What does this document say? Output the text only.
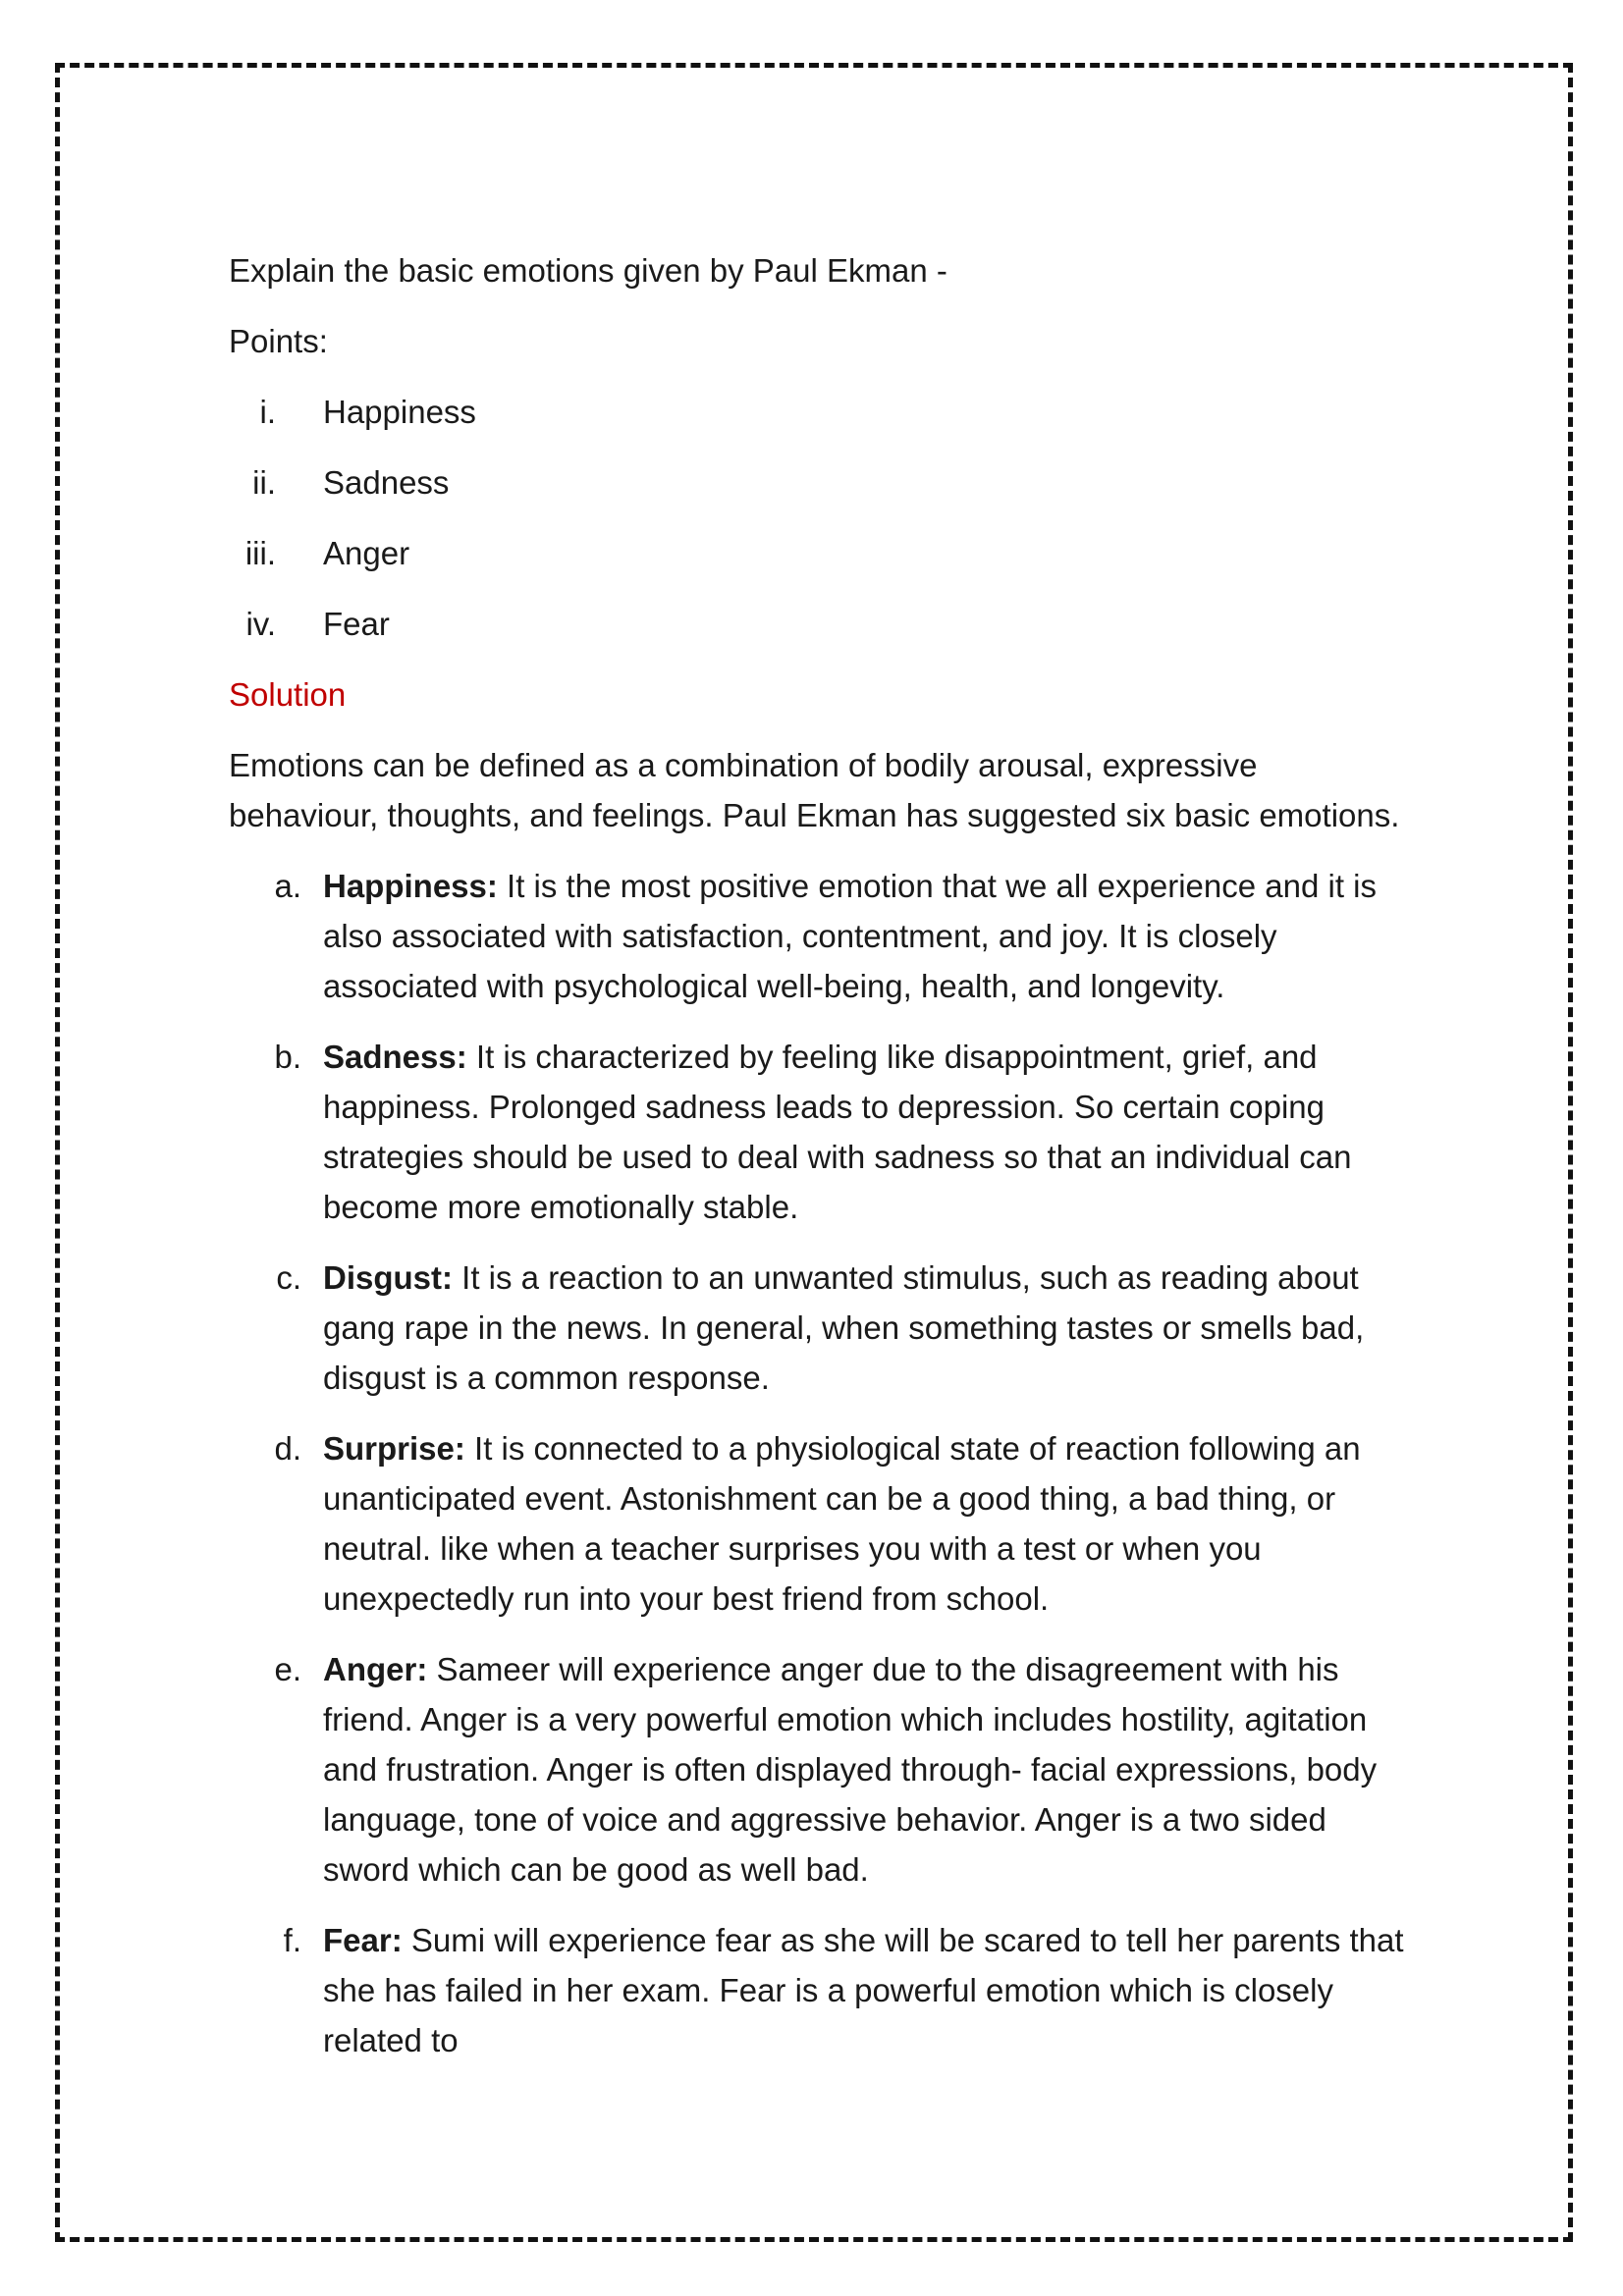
Explain the basic emotions given by Paul Ekman -

Points:

i. Happiness
ii. Sadness
iii. Anger
iv. Fear

Solution

Emotions can be defined as a combination of bodily arousal, expressive behaviour, thoughts, and feelings. Paul Ekman has suggested six basic emotions.

a. Happiness: It is the most positive emotion that we all experience and it is also associated with satisfaction, contentment, and joy. It is closely associated with psychological well-being, health, and longevity.
b. Sadness: It is characterized by feeling like disappointment, grief, and happiness. Prolonged sadness leads to depression. So certain coping strategies should be used to deal with sadness so that an individual can become more emotionally stable.
c. Disgust: It is a reaction to an unwanted stimulus, such as reading about gang rape in the news. In general, when something tastes or smells bad, disgust is a common response.
d. Surprise: It is connected to a physiological state of reaction following an unanticipated event. Astonishment can be a good thing, a bad thing, or neutral. like when a teacher surprises you with a test or when you unexpectedly run into your best friend from school.
e. Anger: Sameer will experience anger due to the disagreement with his friend. Anger is a very powerful emotion which includes hostility, agitation and frustration. Anger is often displayed through- facial expressions, body language, tone of voice and aggressive behavior. Anger is a two sided sword which can be good as well bad.
f. Fear: Sumi will experience fear as she will be scared to tell her parents that she has failed in her exam. Fear is a powerful emotion which is closely related to
